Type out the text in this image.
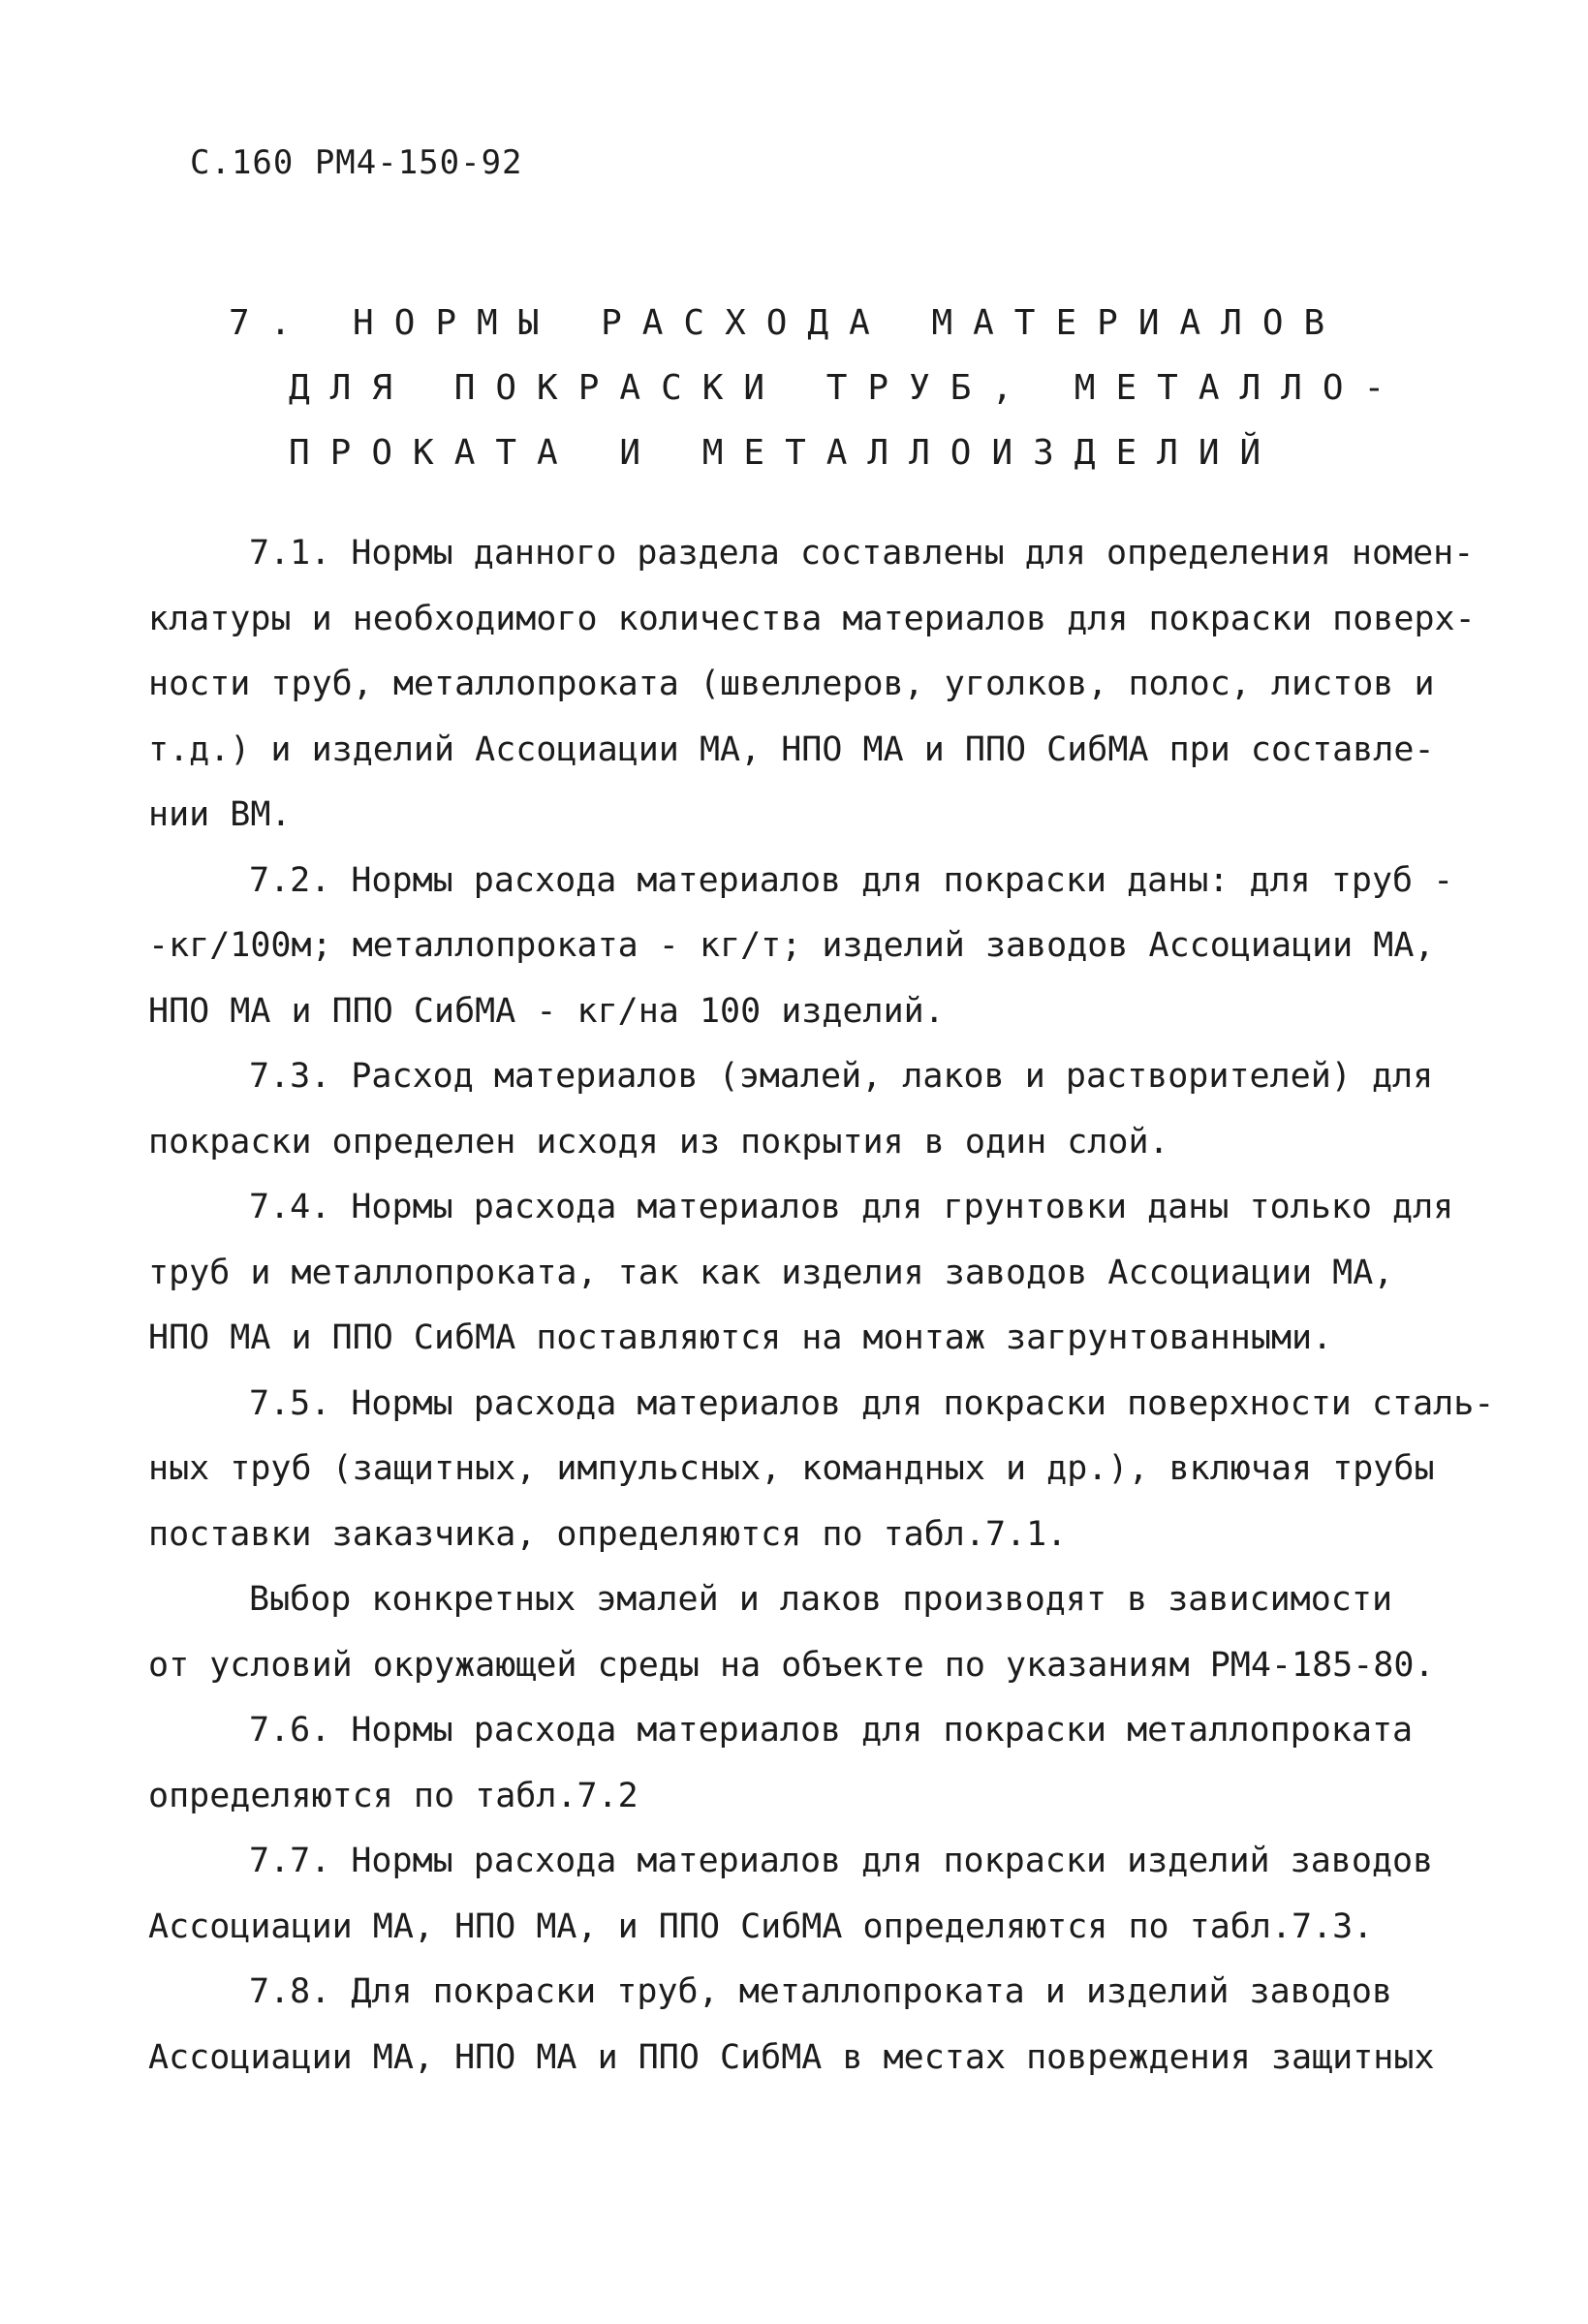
С.160 РМ4-150-92
7. НОРМЫ РАСХОДА МАТЕРИАЛОВ
ДЛЯ ПОКРАСКИ ТРУБ, МЕТАЛЛО-
ПРОКАТА И МЕТАЛЛОИЗДЕЛИЙ
7.1. Нормы данного раздела составлены для определения номен-
клатуры и необходимого количества материалов для покраски поверх-
ности труб, металлопроката (швеллеров, уголков, полос, листов и
т.д.) и изделий Ассоциации МА, НПО МА и ППО СибМА при составле-
нии ВМ.
7.2. Нормы расхода материалов для покраски даны: для труб -
-кг/100м; металлопроката - кг/т; изделий заводов Ассоциации МА,
НПО МА и ППО СибМА - кг/на 100 изделий.
7.3. Расход материалов (эмалей, лаков и растворителей) для
покраски определен исходя из покрытия в один слой.
7.4. Нормы расхода материалов для грунтовки даны только для
труб и металлопроката, так как изделия заводов Ассоциации МА,
НПО МА и ППО СибМА поставляются на монтаж загрунтованными.
7.5. Нормы расхода материалов для покраски поверхности сталь-
ных труб (защитных, импульсных, командных и др.), включая трубы
поставки заказчика, определяются по табл.7.1.
Выбор конкретных эмалей и лаков производят в зависимости
от условий окружающей среды на объекте по указаниям РМ4-185-80.
7.6. Нормы расхода материалов для покраски металлопроката
определяются по табл.7.2
7.7. Нормы расхода материалов для покраски изделий заводов
Ассоциации МА, НПО МА, и ППО СибМА определяются по табл.7.3.
7.8. Для покраски труб, металлопроката и изделий заводов
Ассоциации МА, НПО МА и ППО СибМА в местах повреждения защитных
